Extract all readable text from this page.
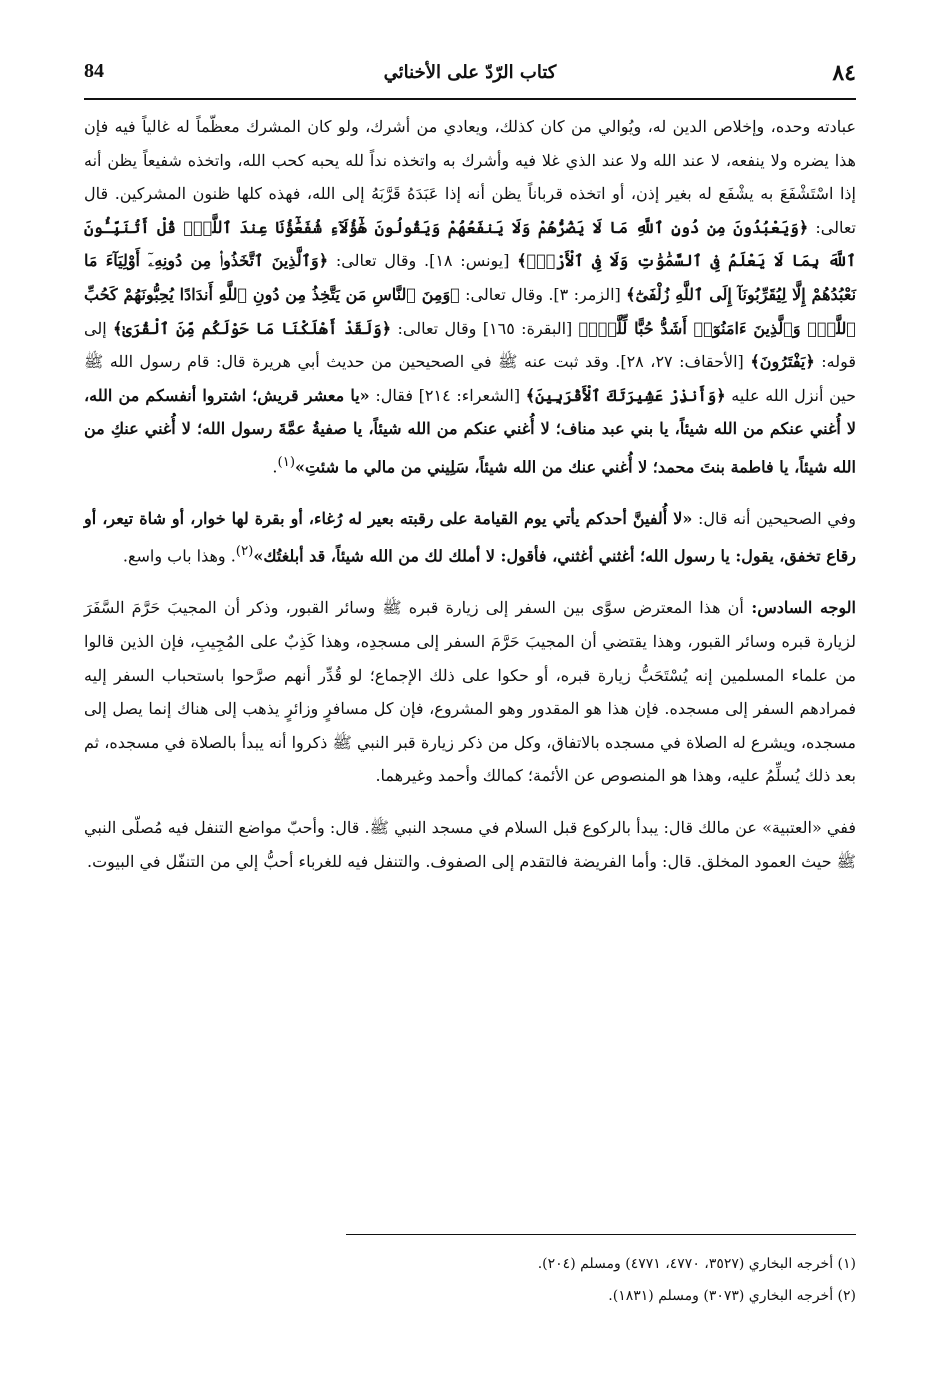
٨٤
كتاب الرّدّ على الأخنائي
84

عبادته وحده، وإخلاص الدين له، ويُوالي من كان كذلك، ويعادي من أشرك، ولو كان المشرك معظّماً له غالياً فيه فإن هذا يضره ولا ينفعه، لا عند الله ولا عند الذي غلا فيه وأشرك به واتخذه نداً لله يحبه كحب الله، واتخذه شفيعاً يظن أنه إذا اسْتَشْفَعَ به يشْفَع له بغير إذن، أو اتخذه قرباناً يظن أنه إذا عَبَدَهُ قَرَّبَهُ إلى الله، فهذه كلها ظنون المشركين. قال تعالى: ﴿وَيَعْبُدُونَ مِن دُونِ ٱللَّهِ مَا لَا يَضُرُّهُمْ وَلَا يَنفَعُهُمْ وَيَقُولُونَ هَٰٓؤُلَآءِ شُفَعَٰٓؤُنَا عِندَ ٱللَّهِۚ قُلْ أَتُنَبِّـُٔونَ ٱللَّهَ بِمَا لَا يَعْلَمُ فِى ٱلسَّمَٰوَٰتِ وَلَا فِى ٱلْأَرْضِۚ﴾ [يونس: ١٨]. وقال تعالى: ﴿وَٱلَّذِينَ ٱتَّخَذُوا۟ مِن دُونِهِۦٓ أَوْلِيَآءَ مَا نَعْبُدُهُمْ إِلَّا لِيُقَرِّبُونَآ إِلَى ٱللَّهِ زُلْفَىٰٓ﴾ [الزمر: ٣]. وقال تعالى: ﴿وَمِنَ ٱلنَّاسِ مَن يَتَّخِذُ مِن دُونِ ٱللَّهِ أَندَادًا يُحِبُّونَهُمْ كَحُبِّ ٱللَّهِۖ وَٱلَّذِينَ ءَامَنُوٓا۟ أَشَدُّ حُبًّا لِّلَّهِۗ﴾ [البقرة: ١٦٥] وقال تعالى: ﴿وَلَقَدْ أَهْلَكْنَا مَا حَوْلَكُم مِّنَ ٱلْقُرَىٰ﴾ إلى قوله: ﴿يَفْتَرُونَ﴾ [الأحقاف: ٢٧، ٢٨]. وقد ثبت عنه ﷺ في الصحيحين من حديث أبي هريرة قال: قام رسول الله ﷺ حين أنزل الله عليه ﴿وَأَنذِرْ عَشِيرَتَكَ ٱلْأَقْرَبِينَ﴾ [الشعراء: ٢١٤] فقال: «يا معشر قريش؛ اشتروا أنفسكم من الله، لا أُغني عنكم من الله شيئاً، يا بني عبد مناف؛ لا أُغني عنكم من الله شيئاً، يا صفيةُ عمَّةَ رسول الله؛ لا أُغني عنكِ من الله شيئاً، يا فاطمة بنتَ محمد؛ لا أُغني عنك من الله شيئاً، سَلِيني من مالي ما شئتِ»$^{(١)}$.

وفي الصحيحين أنه قال: «لا أُلفينَّ أحدكم يأتي يوم القيامة على رقبته بعير له رُغاء، أو بقرة لها خوار، أو شاة تيعر، أو رقاع تخفق، يقول: يا رسول الله؛ أغثني أغثني، فأقول: لا أملك لك من الله شيئاً، قد أبلغتُك»$^{(٢)}$. وهذا باب واسع.

الوجه السادس: أن هذا المعترض سوَّى بين السفر إلى زيارة قبره ﷺ وسائر القبور، وذكر أن المجيبَ حَرَّمَ السَّفَرَ لزيارة قبره وسائر القبور، وهذا يقتضي أن المجيبَ حَرَّمَ السفر إلى مسجدِه، وهذا كَذِبٌ على المُجِيبِ، فإن الذين قالوا من علماء المسلمين إنه يُسْتَحَبُّ زيارة قبره، أو حكوا على ذلك الإجماع؛ لو قُدِّر أنهم صرَّحوا باستحباب السفر إليه فمرادهم السفر إلى مسجده. فإن هذا هو المقدور وهو المشروع، فإن كل مسافرٍ وزائرٍ يذهب إلى هناك إنما يصل إلى مسجده، ويشرع له الصلاة في مسجده بالاتفاق، وكل من ذكر زيارة قبر النبي ﷺ ذكروا أنه يبدأ بالصلاة في مسجده، ثم بعد ذلك يُسلِّمُ عليه، وهذا هو المنصوص عن الأئمة؛ كمالك وأحمد وغيرهما.

ففي «العتبية» عن مالك قال: يبدأ بالركوع قبل السلام في مسجد النبي ﷺ. قال: وأحبّ مواضع التنفل فيه مُصلّى النبي ﷺ حيث العمود المخلق. قال: وأما الفريضة فالتقدم إلى الصفوف. والتنفل فيه للغرباء أحبُّ إلي من التنفّل في البيوت.

(١) أخرجه البخاري (٣٥٢٧، ٤٧٧٠، ٤٧٧١) ومسلم (٢٠٤).

(٢) أخرجه البخاري (٣٠٧٣) ومسلم (١٨٣١).
